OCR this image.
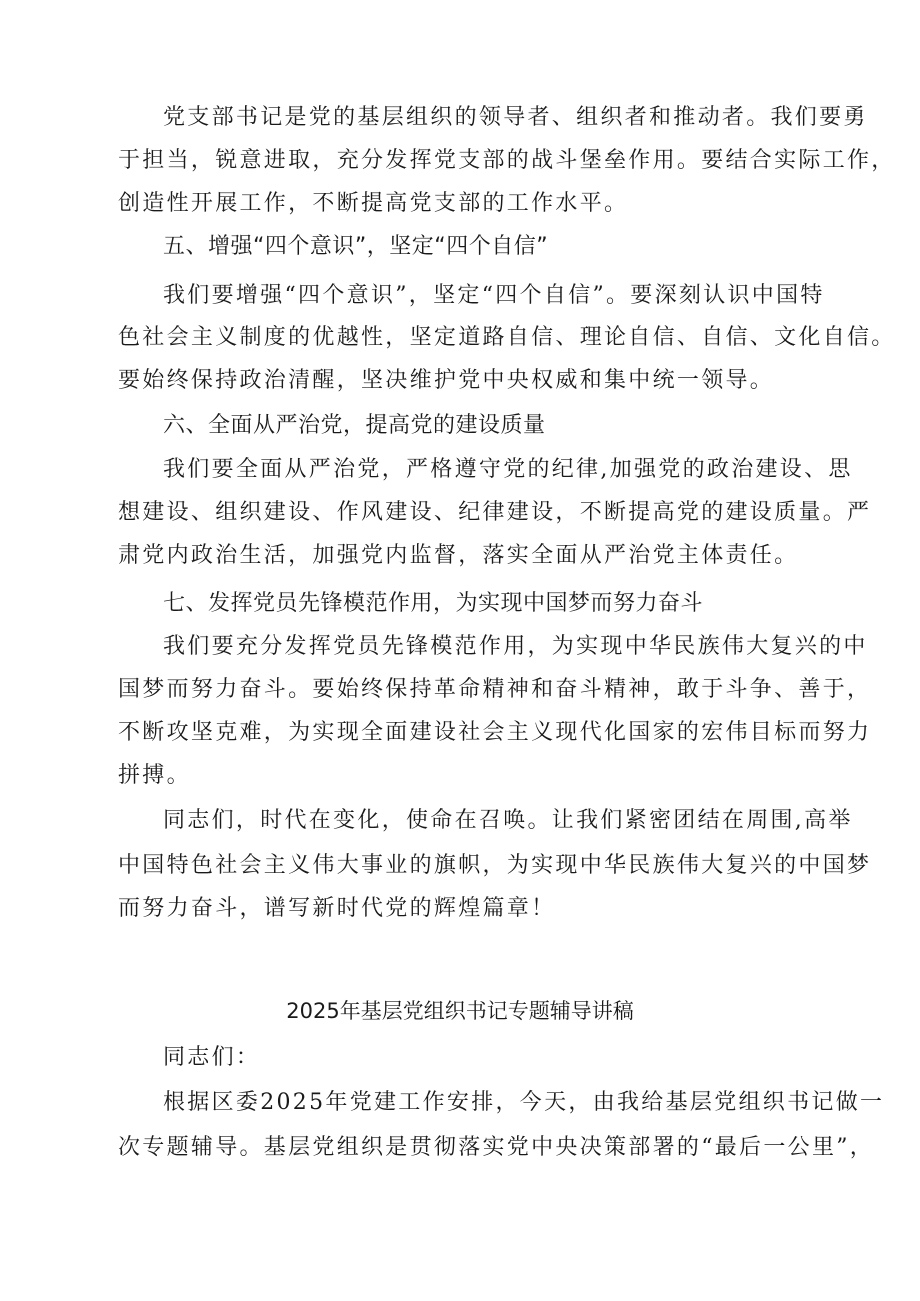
党支部书记是党的基层组织的领导者、组织者和推动者。我们要勇
于担当，锐意进取，充分发挥党支部的战斗堡垒作用。要结合实际工作，
创造性开展工作，不断提高党支部的工作水平。
五、增强“四个意识”，坚定“四个自信”
我们要增强“四个意识”，坚定“四个自信”。要深刻认识中国特
色社会主义制度的优越性，坚定道路自信、理论自信、自信、文化自信。
要始终保持政治清醒，坚决维护党中央权威和集中统一领导。
六、全面从严治党，提高党的建设质量
我们要全面从严治党，严格遵守党的纪律,加强党的政治建设、思
想建设、组织建设、作风建设、纪律建设，不断提高党的建设质量。严
肃党内政治生活，加强党内监督，落实全面从严治党主体责任。
七、发挥党员先锋模范作用，为实现中国梦而努力奋斗
我们要充分发挥党员先锋模范作用，为实现中华民族伟大复兴的中
国梦而努力奋斗。要始终保持革命精神和奋斗精神，敢于斗争、善于，
不断攻坚克难，为实现全面建设社会主义现代化国家的宏伟目标而努力
拼搏。
同志们，时代在变化，使命在召唤。让我们紧密团结在周围,高举
中国特色社会主义伟大事业的旗帜，为实现中华民族伟大复兴的中国梦
而努力奋斗，谱写新时代党的辉煌篇章！
2025年基层党组织书记专题辅导讲稿
同志们：
根据区委2025年党建工作安排，今天，由我给基层党组织书记做一
次专题辅导。基层党组织是贯彻落实党中央决策部署的“最后一公里”，
